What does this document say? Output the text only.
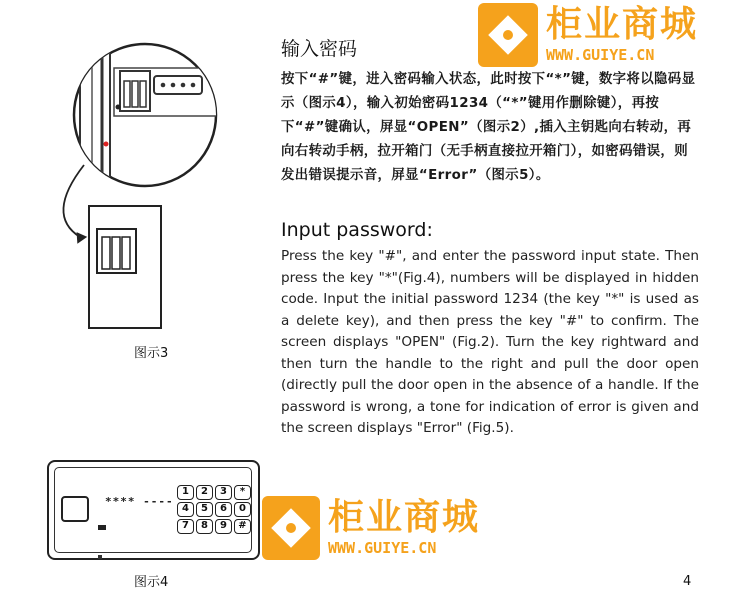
图示3
输入密码

按下“#”键，进入密码输入状态，此时按下“*”键，数字将以隐码显示（图示4），输入初始密码1234（“*”键用作删除键），再按下“#”键确认，屏显“OPEN”（图示2）,插入主钥匙向右转动，再向右转动手柄，拉开箱门（无手柄直接拉开箱门），如密码错误，则发出错误提示音，屏显“Error”（图示5）。

Input password:

Press the key "#", and enter the password input state. Then press the key "*"(Fig.4), numbers will be displayed in hidden code. Input the initial password 1234 (the key "*" is used as a delete key), and then press the key "#" to confirm. The screen displays "OPEN" (Fig.2). Turn the key rightward and then turn the handle to the right and pull the door open (directly pull the door open in the absence of a handle. If the password is wrong, a tone for indication of error is given and the screen displays "Error" (Fig.5).

**** ----
1	2	3	*
4	5	6	0
7	8	9	#
图示4	4
柜业商城
WWW.GUIYE.CN
柜业商城
WWW.GUIYE.CN
